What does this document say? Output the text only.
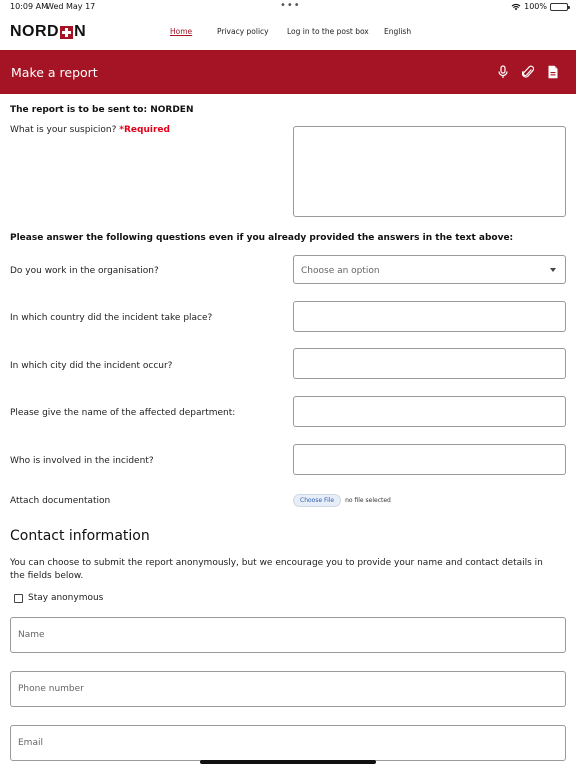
10:09 AM
Wed May 17	•••	100%
NORD N	Home	Privacy policy Log in to the post box English
Make a report
The report is to be sent to: NORDEN
What is your suspicion? *Required
Please answer the following questions even if you already provided the answers in the text above:
Do you work in the organisation?	Choose an option
In which country did the incident take place?
In which city did the incident occur?
Please give the name of the affected department:
Who is involved in the incident?
Attach documentation	Choose File	no file selected
Contact information
You can choose to submit the report anonymously, but we encourage you to provide your name and contact details in the fields below.
Stay anonymous
Name
Phone number
Email
